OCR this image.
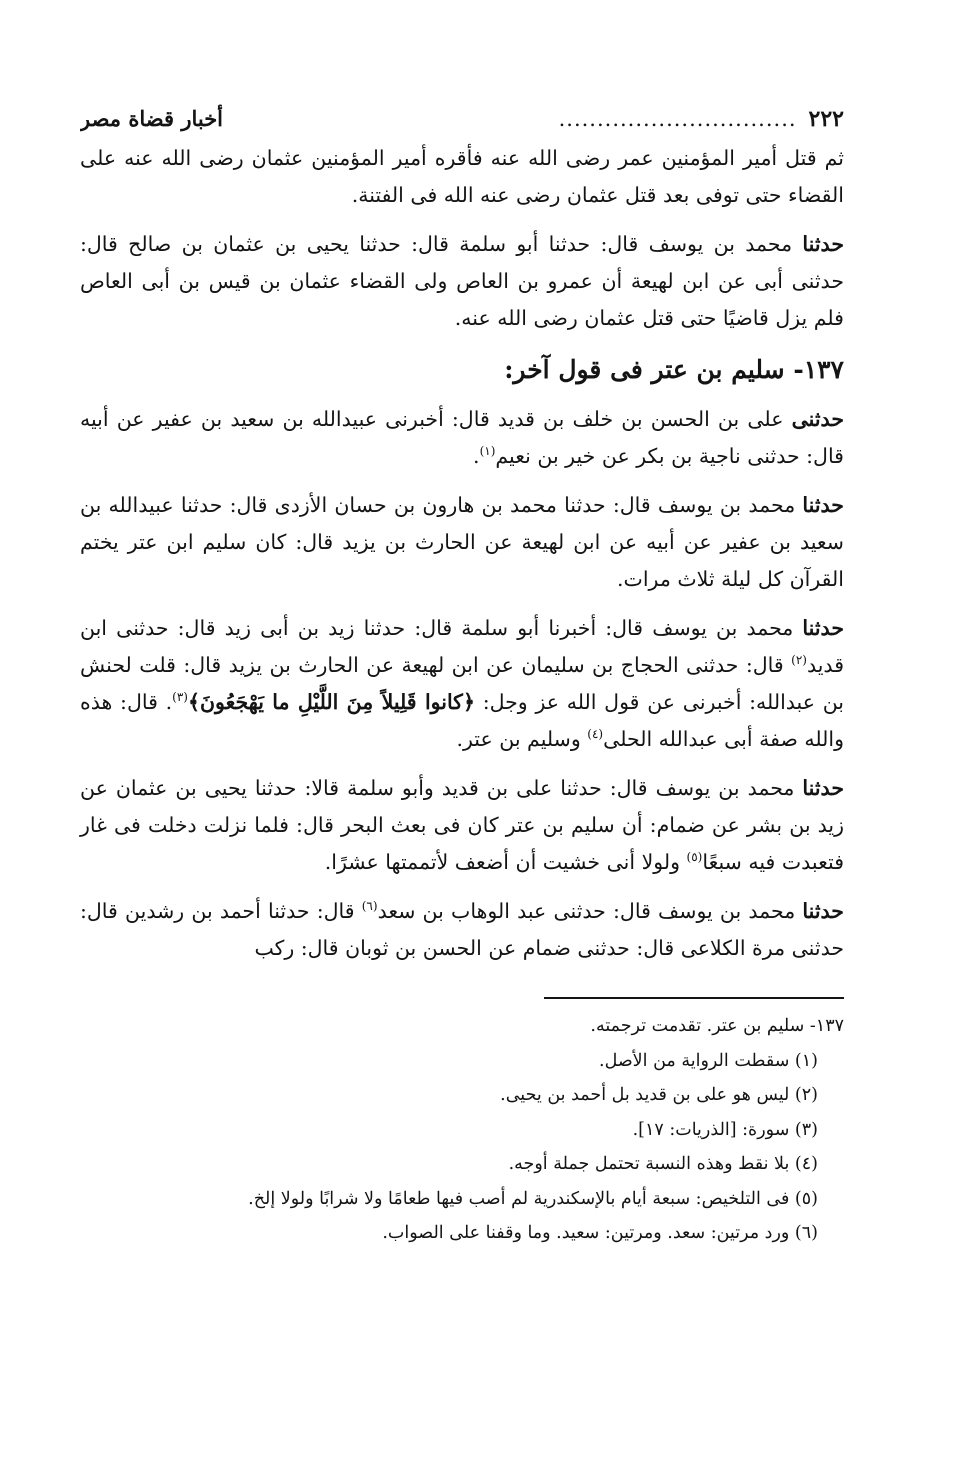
٢٢٢
...............................
أخبار قضاة مصر

ثم قتل أمير المؤمنين عمر رضى الله عنه فأقره أمير المؤمنين عثمان رضى الله عنه على القضاء حتى توفى بعد قتل عثمان رضى عنه الله فى الفتنة.

حدثنا محمد بن يوسف قال: حدثنا أبو سلمة قال: حدثنا يحيى بن عثمان بن صالح قال: حدثنى أبى عن ابن لهيعة أن عمرو بن العاص ولى القضاء عثمان بن قيس بن أبى العاص فلم يزل قاضيًا حتى قتل عثمان رضى الله عنه.

١٣٧- سليم بن عتر فى قول آخر:

حدثنى على بن الحسن بن خلف بن قديد قال: أخبرنى عبيدالله بن سعيد بن عفير عن أبيه قال: حدثنى ناجية بن بكر عن خير بن نعيم$^{(١)}$.

حدثنا محمد بن يوسف قال: حدثنا محمد بن هارون بن حسان الأزدى قال: حدثنا عبيدالله بن سعيد بن عفير عن أبيه عن ابن لهيعة عن الحارث بن يزيد قال: كان سليم ابن عتر يختم القرآن كل ليلة ثلاث مرات.

حدثنا محمد بن يوسف قال: أخبرنا أبو سلمة قال: حدثنا زيد بن أبى زيد قال: حدثنى ابن قديد$^{(٢)}$ قال: حدثنى الحجاج بن سليمان عن ابن لهيعة عن الحارث بن يزيد قال: قلت لحنش بن عبدالله: أخبرنى عن قول الله عز وجل: ﴿كانوا قَلِيلاً مِنَ اللَّيْلِ ما يَهْجَعُونَ﴾$^{(٣)}$. قال: هذه والله صفة أبى عبدالله الحلى$^{(٤)}$ وسليم بن عتر.

حدثنا محمد بن يوسف قال: حدثنا على بن قديد وأبو سلمة قالا: حدثنا يحيى بن عثمان عن زيد بن بشر عن ضمام: أن سليم بن عتر كان فى بعث البحر قال: فلما نزلت دخلت فى غار فتعبدت فيه سبعًا$^{(٥)}$ ولولا أنى خشيت أن أضعف لأتممتها عشرًا.

حدثنا محمد بن يوسف قال: حدثنى عبد الوهاب بن سعد$^{(٦)}$ قال: حدثنا أحمد بن رشدين قال: حدثنى مرة الكلاعى قال: حدثنى ضمام عن الحسن بن ثوبان قال: ركب

١٣٧- سليم بن عتر. تقدمت ترجمته.

(١) سقطت الرواية من الأصل.

(٢) ليس هو على بن قديد بل أحمد بن يحيى.

(٣) سورة: [الذريات: ١٧].

(٤) بلا نقط وهذه النسبة تحتمل جملة أوجه.

(٥) فى التلخيص: سبعة أيام بالإسكندرية لم أصب فيها طعامًا ولا شرابًا ولولا إلخ.

(٦) ورد مرتين: سعد. ومرتين: سعيد. وما وقفنا على الصواب.
